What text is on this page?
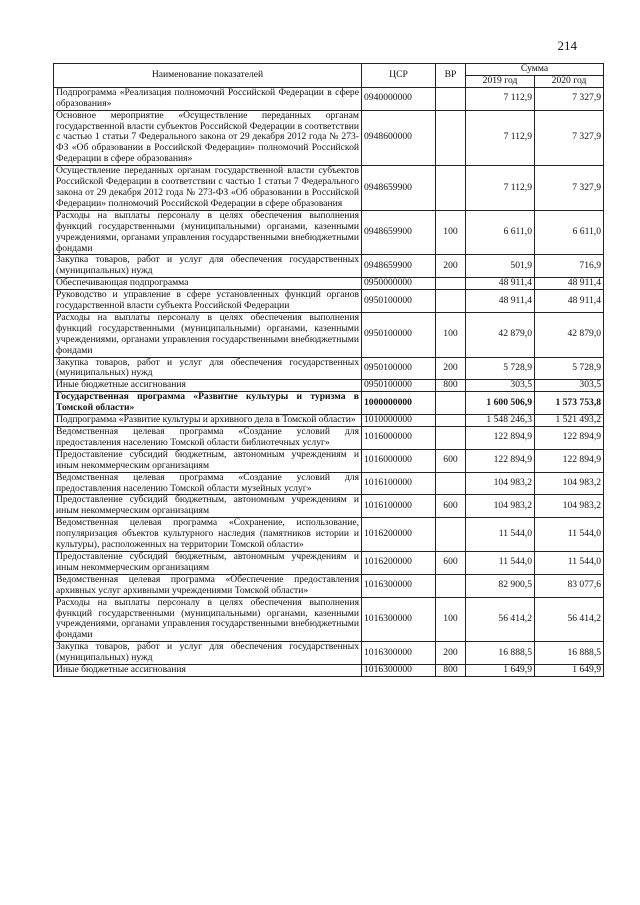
214
Наименование показателей	ЦСР	ВР	Сумма	
			2019 год	2020 год
Подпрограмма «Реализация полномочий Российской Федерации в сфере образования»	0940000000		7 112,9	7 327,9
Основное мероприятие «Осуществление переданных органам государственной власти субъектов Российской Федерации в соответствии с частью 1 статьи 7 Федерального закона от 29 декабря 2012 года № 273-ФЗ «Об образовании в Российской Федерации» полномочий Российской Федерации в сфере образования»	0948600000		7 112,9	7 327,9
Осуществление переданных органам государственной власти субъектов Российской Федерации в соответствии с частью 1 статьи 7 Федерального закона от 29 декабря 2012 года № 273-ФЗ «Об образовании в Российской Федерации» полномочий Российской Федерации в сфере образования	0948659900		7 112,9	7 327,9
Расходы на выплаты персоналу в целях обеспечения выполнения функций государственными (муниципальными) органами, казенными учреждениями, органами управления государственными внебюджетными фондами	0948659900	100	6 611,0	6 611,0
Закупка товаров, работ и услуг для обеспечения государственных (муниципальных) нужд	0948659900	200	501,9	716,9
Обеспечивающая подпрограмма	0950000000		48 911,4	48 911,4
Руководство и управление в сфере установленных функций органов государственной власти субъекта Российской Федерации	0950100000		48 911,4	48 911,4
Расходы на выплаты персоналу в целях обеспечения выполнения функций государственными (муниципальными) органами, казенными учреждениями, органами управления государственными внебюджетными фондами	0950100000	100	42 879,0	42 879,0
Закупка товаров, работ и услуг для обеспечения государственных (муниципальных) нужд	0950100000	200	5 728,9	5 728,9
Иные бюджетные ассигнования	0950100000	800	303,5	303,5
Государственная программа «Развитие культуры и туризма в Томской области»	1000000000		1 600 506,9	1 573 753,8
Подпрограмма «Развитие культуры и архивного дела в Томской области»	1010000000		1 548 246,3	1 521 493,2
Ведомственная целевая программа «Создание условий для предоставления населению Томской области библиотечных услуг»	1016000000		122 894,9	122 894,9
Предоставление субсидий бюджетным, автономным учреждениям и иным некоммерческим организациям	1016000000	600	122 894,9	122 894,9
Ведомственная целевая программа «Создание условий для предоставления населению Томской области музейных услуг»	1016100000		104 983,2	104 983,2
Предоставление субсидий бюджетным, автономным учреждениям и иным некоммерческим организациям	1016100000	600	104 983,2	104 983,2
Ведомственная целевая программа «Сохранение, использование, популяризация объектов культурного наследия (памятников истории и культуры), расположенных на территории Томской области»	1016200000		11 544,0	11 544,0
Предоставление субсидий бюджетным, автономным учреждениям и иным некоммерческим организациям	1016200000	600	11 544,0	11 544,0
Ведомственная целевая программа «Обеспечение предоставления архивных услуг архивными учреждениями Томской области»	1016300000		82 900,5	83 077,6
Расходы на выплаты персоналу в целях обеспечения выполнения функций государственными (муниципальными) органами, казенными учреждениями, органами управления государственными внебюджетными фондами	1016300000	100	56 414,2	56 414,2
Закупка товаров, работ и услуг для обеспечения государственных (муниципальных) нужд	1016300000	200	16 888,5	16 888,5
Иные бюджетные ассигнования	1016300000	800	1 649,9	1 649,9
